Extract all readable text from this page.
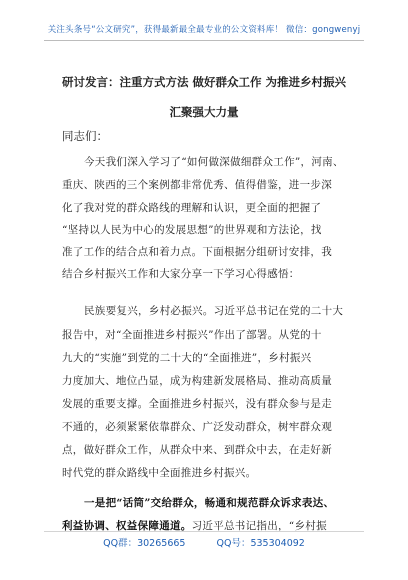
关注头条号“公文研究”，获得最新最全最专业的公文资料库！ 微信：gongwenyj
研讨发言：注重方式方法 做好群众工作 为推进乡村振兴
汇聚强大力量
同志们：
今天我们深入学习了“如何做深做细群众工作”，河南、
重庆、陕西的三个案例都非常优秀、值得借鉴，进一步深
化了我对党的群众路线的理解和认识，更全面的把握了
“坚持以人民为中心的发展思想”的世界观和方法论，找
准了工作的结合点和着力点。下面根据分组研讨安排，我
结合乡村振兴工作和大家分享一下学习心得感悟：
民族要复兴，乡村必振兴。习近平总书记在党的二十大
报告中，对“全面推进乡村振兴”作出了部署。从党的十
九大的“实施”到党的二十大的“全面推进”，乡村振兴
力度加大、地位凸显，成为构建新发展格局、推动高质量
发展的重要支撑。全面推进乡村振兴，没有群众参与是走
不通的，必须紧紧依靠群众、广泛发动群众，树牢群众观
点，做好群众工作，从群众中来、到群众中去，在走好新
时代党的群众路线中全面推进乡村振兴。
一是把“话筒”交给群众，畅通和规范群众诉求表达、
利益协调、权益保障通道。习近平总书记指出，“乡村振
QQ群：30265665	QQ号：535304092
